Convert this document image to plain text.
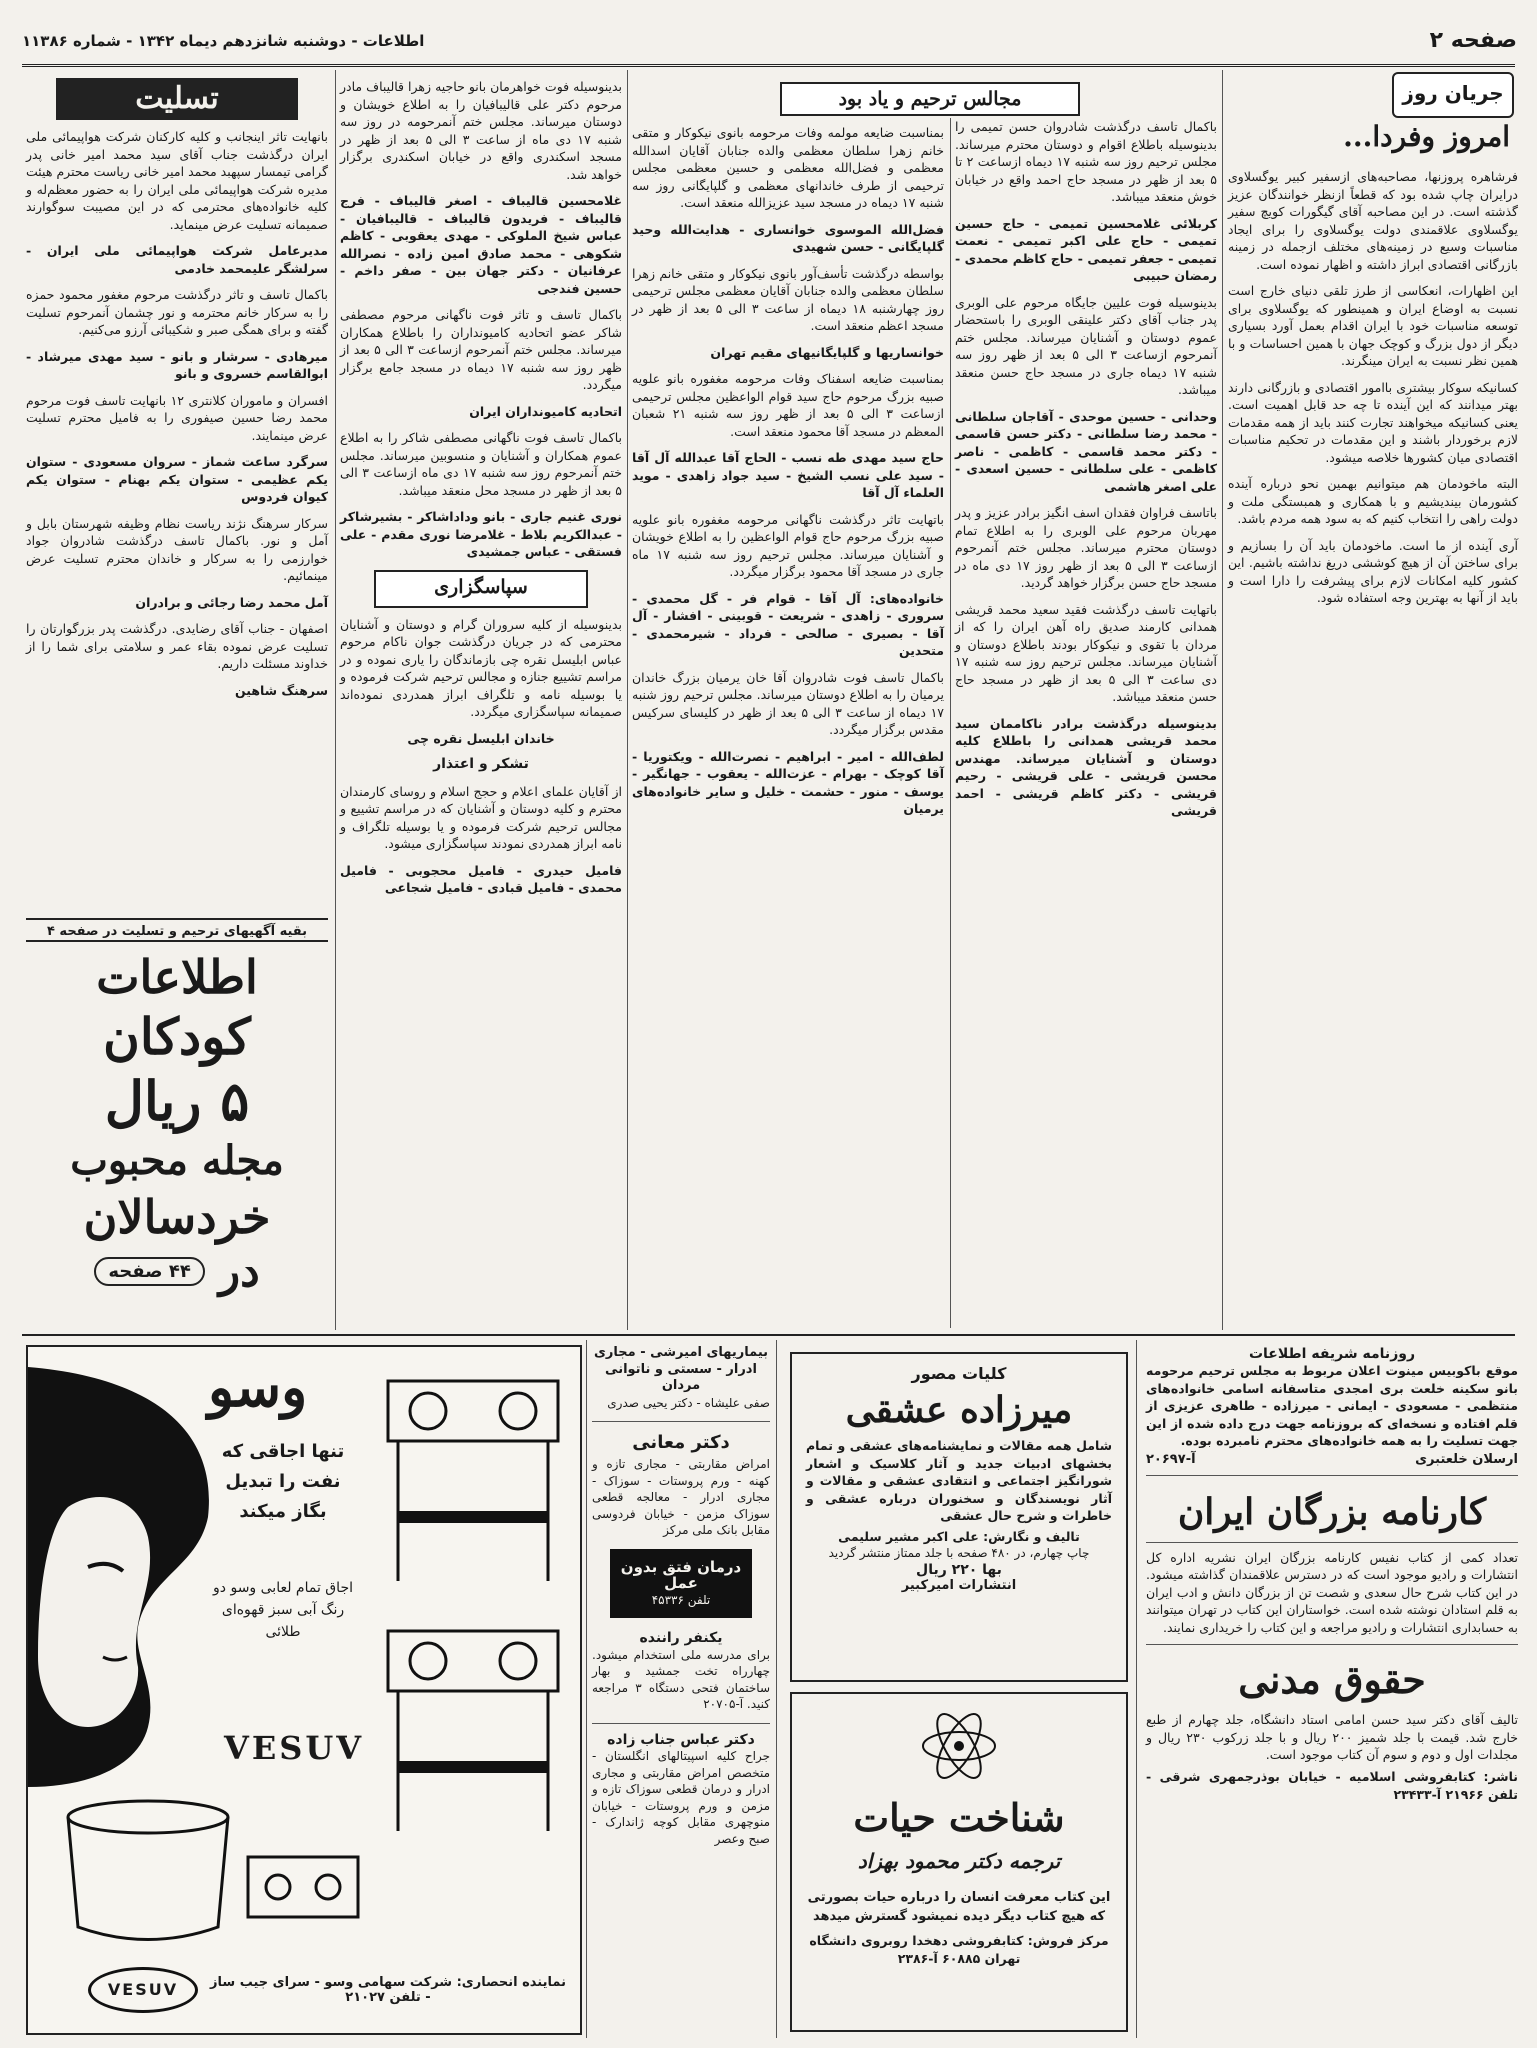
صفحه ۲
اطلاعات - دوشنبه شانزدهم دیماه ۱۳۴۲ - شماره ۱۱۳۸۶
جریان روز
امروز وفردا...

فرشاهره پروزنها، مصاحبه‌های ازسفیر کبیر یوگسلاوی درایران چاپ شده بود که قطعاً ازنظر خوانندگان عزیز گذشته است. در این مصاحبه آقای گیگورات کویچ سفیر یوگسلاوی علاقمندی دولت یوگسلاوی را برای ایجاد مناسبات وسیع در زمینه‌های مختلف ازجمله در زمینه بازرگانی اقتصادی ابراز داشته و اظهار نموده است.

این اظهارات، انعکاسی از طرز تلقی دنیای خارج است نسبت به اوضاع ایران و همینطور که یوگسلاوی برای توسعه مناسبات خود با ایران اقدام بعمل آورد بسیاری دیگر از دول بزرگ و کوچک جهان با همین احساسات و با همین نظر نسبت به ایران مینگرند.

کسانیکه سوکار بیشتری باامور اقتصادی و بازرگانی دارند بهتر میدانند که این آینده تا چه حد قابل اهمیت است. یعنی کسانیکه میخواهند تجارت کنند باید از همه مقدمات لازم برخوردار باشند و این مقدمات در تحکیم مناسبات اقتصادی میان کشورها خلاصه میشود.

البته ماخودمان هم میتوانیم بهمین نحو درباره آینده کشورمان بیندیشیم و با همکاری و همبستگی ملت و دولت راهی را انتخاب کنیم که به سود همه مردم باشد.

آری آینده از ما است. ماخودمان باید آن را بسازیم و برای ساختن آن از هیچ کوششی دریغ نداشته باشیم. این کشور کلیه امکانات لازم برای پیشرفت را دارا است و باید از آنها به بهترین وجه استفاده شود.

باکمال تاسف درگذشت شادروان حسن تمیمی را بدینوسیله باطلاع اقوام و دوستان محترم میرساند. مجلس ترحیم روز سه شنبه ۱۷ دیماه ازساعت ۲ تا ۵ بعد از ظهر در مسجد حاج احمد واقع در خیابان خوش منعقد میباشد.

کربلائی غلامحسین تمیمی - حاج حسین تمیمی - حاج علی اکبر تمیمی - نعمت تمیمی - جعفر تمیمی - حاج کاظم محمدی - رمضان حبیبی

بدینوسیله فوت علیین جایگاه مرحوم علی الوبری پدر جناب آقای دکتر علینقی الوبری را باستحضار عموم دوستان و آشنایان میرساند. مجلس ختم آنمرحوم ازساعت ۳ الی ۵ بعد از ظهر روز سه شنبه ۱۷ دیماه جاری در مسجد حاج حسن منعقد میباشد.

وحدانی - حسین موحدی - آقاجان سلطانی - محمد رضا سلطانی - دکتر حسن قاسمی - دکتر محمد قاسمی - کاظمی - ناصر کاظمی - علی سلطانی - حسین اسعدی - علی اصغر هاشمی

باتاسف فراوان فقدان اسف انگیز برادر عزیز و پدر مهربان مرحوم علی الوبری را به اطلاع تمام دوستان محترم میرساند. مجلس ختم آنمرحوم ازساعت ۳ الی ۵ بعد از ظهر روز ۱۷ دی ماه در مسجد حاج حسن برگزار خواهد گردید.

باتهایت تاسف درگذشت فقید سعید محمد قریشی همدانی کارمند صدیق راه آهن ایران را که از مردان با تقوی و نیکوکار بودند باطلاع دوستان و آشنایان میرساند. مجلس ترحیم روز سه شنبه ۱۷ دی ساعت ۳ الی ۵ بعد از ظهر در مسجد حاج حسن منعقد میباشد.

بدینوسیله درگذشت برادر ناکاممان سید محمد قریشی همدانی را باطلاع کلیه دوستان و آشنایان میرساند. مهندس محسن قریشی - علی قریشی - رحیم قریشی - دکتر کاظم قریشی - احمد قریشی

مجالس ترحیم و یاد بود

بمناسبت ضایعه مولمه وفات مرحومه بانوی نیکوکار و متقی خانم زهرا سلطان معظمی والده جنابان آقایان اسدالله معظمی و فضل‌الله معظمی و حسین معظمی مجلس ترحیمی از طرف خاندانهای معظمی و گلپایگانی روز سه شنبه ۱۷ دیماه در مسجد سید عزیزالله منعقد است.

فضل‌الله الموسوی خوانساری - هدایت‌الله وحید گلپایگانی - حسن شهیدی

بواسطه درگذشت تأسف‌آور بانوی نیکوکار و متقی خانم زهرا سلطان معظمی والده جنابان آقایان معظمی مجلس ترحیمی روز چهارشنبه ۱۸ دیماه از ساعت ۳ الی ۵ بعد از ظهر در مسجد اعظم منعقد است.

خوانساریها و گلپایگانیهای مقیم تهران

بمناسبت ضایعه اسفناک وفات مرحومه مغفوره بانو علویه صبیه بزرگ مرحوم حاج سید قوام الواعظین مجلس ترحیمی ازساعت ۳ الی ۵ بعد از ظهر روز سه شنبه ۲۱ شعبان المعظم در مسجد آقا محمود منعقد است.

حاج سید مهدی طه نسب - الحاج آقا عبدالله آل آقا - سید علی نسب الشیخ - سید جواد زاهدی - موید العلماء آل آقا

باتهایت تاثر درگذشت ناگهانی مرحومه مغفوره بانو علویه صبیه بزرگ مرحوم حاج قوام الواعظین را به اطلاع خویشان و آشنایان میرساند. مجلس ترحیم روز سه شنبه ۱۷ ماه جاری در مسجد آقا محمود برگزار میگردد.

خانواده‌های: آل آقا - قوام فر - گل محمدی - سروری - زاهدی - شریعت - قوبینی - افشار - آل آقا - بصیری - صالحی - فرداد - شیرمحمدی - متحدین

باکمال تاسف فوت شادروان آقا خان یرمیان بزرگ خاندان یرمیان را به اطلاع دوستان میرساند. مجلس ترحیم روز شنبه ۱۷ دیماه از ساعت ۳ الی ۵ بعد از ظهر در کلیسای سرکیس مقدس برگزار میگردد.

لطف‌الله - امیر - ابراهیم - نصرت‌الله - ویکتوریا - آقا کوچک - بهرام - عزت‌الله - یعقوب - جهانگیر - یوسف - منور - حشمت - خلیل و سایر خانواده‌های یرمیان

بدینوسیله فوت خواهرمان بانو حاجیه زهرا قالیباف مادر مرحوم دکتر علی قالیبافیان را به اطلاع خویشان و دوستان میرساند. مجلس ختم آنمرحومه در روز سه شنبه ۱۷ دی ماه از ساعت ۳ الی ۵ بعد از ظهر در مسجد اسکندری واقع در خیابان اسکندری برگزار خواهد شد.

غلامحسین قالیباف - اصغر قالیباف - فرج قالیباف - فریدون قالیباف - قالیبافیان - عباس شیخ الملوکی - مهدی یعقوبی - کاظم شکوهی - محمد صادق امین زاده - نصرالله عرفانیان - دکتر جهان بین - صفر داخم - حسین فندجی

باکمال تاسف و تاثر فوت ناگهانی مرحوم مصطفی شاکر عضو اتحادیه کامیونداران را باطلاع همکاران میرساند. مجلس ختم آنمرحوم ازساعت ۳ الی ۵ بعد از ظهر روز سه شنبه ۱۷ دیماه در مسجد جامع برگزار میگردد.

اتحادیه کامیونداران ایران

باکمال تاسف فوت ناگهانی مصطفی شاکر را به اطلاع عموم همکاران و آشنایان و منسوبین میرساند. مجلس ختم آنمرحوم روز سه شنبه ۱۷ دی ماه ازساعت ۳ الی ۵ بعد از ظهر در مسجد محل منعقد میباشد.

نوری غنیم جاری - بانو وداداشاکر - بشیرشاکر - عبدالکریم بلاط - غلامرضا نوری مقدم - علی فستقی - عباس جمشیدی

سپاسگزاری

بدینوسیله از کلیه سروران گرام و دوستان و آشنایان محترمی که در جریان درگذشت جوان ناکام مرحوم عباس ابلیسل نقره چی بازماندگان را یاری نموده و در مراسم تشییع جنازه و مجالس ترحیم شرکت فرموده و یا بوسیله نامه و تلگراف ابراز همدردی نموده‌اند صمیمانه سپاسگزاری میگردد.

خاندان ابلیسل نقره چی

تشکر و اعتذار

از آقایان علمای اعلام و حجج اسلام و روسای کارمندان محترم و کلیه دوستان و آشنایان که در مراسم تشییع و مجالس ترحیم شرکت فرموده و یا بوسیله تلگراف و نامه ابراز همدردی نمودند سپاسگزاری میشود.

فامیل حیدری - فامیل محجوبی - فامیل محمدی - فامیل قبادی - فامیل شجاعی

تسلیت

بانهایت تاثر اینجانب و کلیه کارکنان شرکت هواپیمائی ملی ایران درگذشت جناب آقای سید محمد امیر خانی پدر گرامی تیمسار سپهبد محمد امیر خانی ریاست محترم هیئت مدیره شرکت هواپیمائی ملی ایران را به حضور معظم‌له و کلیه خانواده‌های محترمی که در این مصیبت سوگوارند صمیمانه تسلیت عرض مینماید.

مدیرعامل شرکت هواپیمائی ملی ایران - سرلشگر علیمحمد خادمی

باکمال تاسف و تاثر درگذشت مرحوم مغفور محمود حمزه را به سرکار خانم محترمه و نور چشمان آنمرحوم تسلیت گفته و برای همگی صبر و شکیبائی آرزو می‌کنیم.

میرهادی - سرشار و بانو - سید مهدی میرشاد - ابوالقاسم خسروی و بانو

افسران و ماموران کلانتری ۱۲ بانهایت تاسف فوت مرحوم محمد رضا حسین صیفوری را به فامیل محترم تسلیت عرض مینمایند.

سرگرد ساعت شماز - سروان مسعودی - ستوان یکم عظیمی - ستوان یکم بهنام - ستوان یکم کیوان فردوس

سرکار سرهنگ نژند ریاست نظام وظیفه شهرستان بابل و آمل و نور. باکمال تاسف درگذشت شادروان جواد خوارزمی را به سرکار و خاندان محترم تسلیت عرض مینمائیم.

آمل محمد رضا رجائی و برادران

اصفهان - جناب آقای رضایدی. درگذشت پدر بزرگوارتان را تسلیت عرض نموده بقاء عمر و سلامتی برای شما را از خداوند مسئلت داریم.

سرهنگ شاهین

بقیه آگهیهای ترحیم و تسلیت در صفحه ۴
اطلاعات
کودکان
۵ ریال
مجله محبوب
خردسالان
در
۴۴ صفحه
وسو
تنها اجاقی که نفت را تبدیل بگاز میکند
اجاق تمام لعابی وسو دو رنگ آبی سبز قهوه‌ای طلائی
VESUV
VESUV	نماینده انحصاری: شرکت سهامی وسو - سرای جیب ساز - تلفن ۲۱۰۲۷
بیماریهای امیرشی - مجاری ادرار - سستی و ناتوانی مردان
صفی علیشاه - دکتر یحیی صدری
دکتر معانی
امراض مقاربتی - مجاری تازه و کهنه - ورم پروستات - سوزاک - مجاری ادرار - معالجه قطعی سوزاک مزمن - خیابان فردوسی مقابل بانک ملی مرکز
درمان فتق بدون عمل
تلفن ۴۵۳۳۶
یکنفر راننده
برای مدرسه ملی استخدام میشود. چهارراه تخت جمشید و بهار ساختمان فتحی دستگاه ۳ مراجعه کنید. آ-۲۰۷۰۵
دکتر عباس جناب زاده
جراح کلیه اسپیتالهای انگلستان - متخصص امراض مقاربتی و مجاری ادرار و درمان قطعی سوزاک تازه و مزمن و ورم پروستات - خیابان منوچهری مقابل کوچه ژاندارک - صبح وعصر
کلیات مصور
میرزاده عشقی
شامل همه مقالات و نمایشنامه‌های عشقی و تمام بخشهای ادبیات جدید و آثار کلاسیک و اشعار شورانگیز اجتماعی و انتقادی عشقی و مقالات و آثار نویسندگان و سخنوران درباره عشقی و خاطرات و شرح حال عشقی
تالیف و نگارش: علی اکبر مشیر سلیمی
چاپ چهارم، در ۴۸۰ صفحه با جلد ممتاز منتشر گردید
بها ۲۲۰ ریال
انتشارات امیرکبیر
شناخت حیات
ترجمه دکتر محمود بهزاد
این کتاب معرفت انسان را درباره حیات بصورتی که هیچ کتاب دیگر دیده نمیشود گسترش میدهد
مرکز فروش: کتابفروشی دهخدا روبروی دانشگاه تهران ۶۰۸۸۵ آ-۲۳۸۶
روزنامه شریفه اطلاعات
موقع باکوبیس مینوت اعلان مربوط به مجلس ترحیم مرحومه بانو سکینه خلعت بری امجدی متاسفانه اسامی خانواده‌های منتظمی - مسعودی - ایمانی - میرزاده - طاهری عزیزی از قلم افتاده و نسخه‌ای که بروزنامه جهت درج داده شده از این جهت تسلیت را به همه خانواده‌های محترم نامبرده بوده.
ارسلان خلعتبری
آ-۲۰۶۹۷
کارنامه بزرگان ایران
تعداد کمی از کتاب نفیس کارنامه بزرگان ایران نشریه اداره کل انتشارات و رادیو موجود است که در دسترس علاقمندان گذاشته میشود. در این کتاب شرح حال سعدی و شصت تن از بزرگان دانش و ادب ایران به قلم استادان نوشته شده است. خواستاران این کتاب در تهران میتوانند به حسابداری انتشارات و رادیو مراجعه و این کتاب را خریداری نمایند.
حقوق مدنی
تالیف آقای دکتر سید حسن امامی استاد دانشگاه، جلد چهارم از طبع خارج شد. قیمت با جلد شمیز ۲۰۰ ریال و با جلد زرکوب ۲۳۰ ریال و مجلدات اول و دوم و سوم آن کتاب موجود است.
ناشر: کتابفروشی اسلامیه - خیابان بوذرجمهری شرقی - تلفن ۲۱۹۶۶ آ-۲۳۴۳۳
